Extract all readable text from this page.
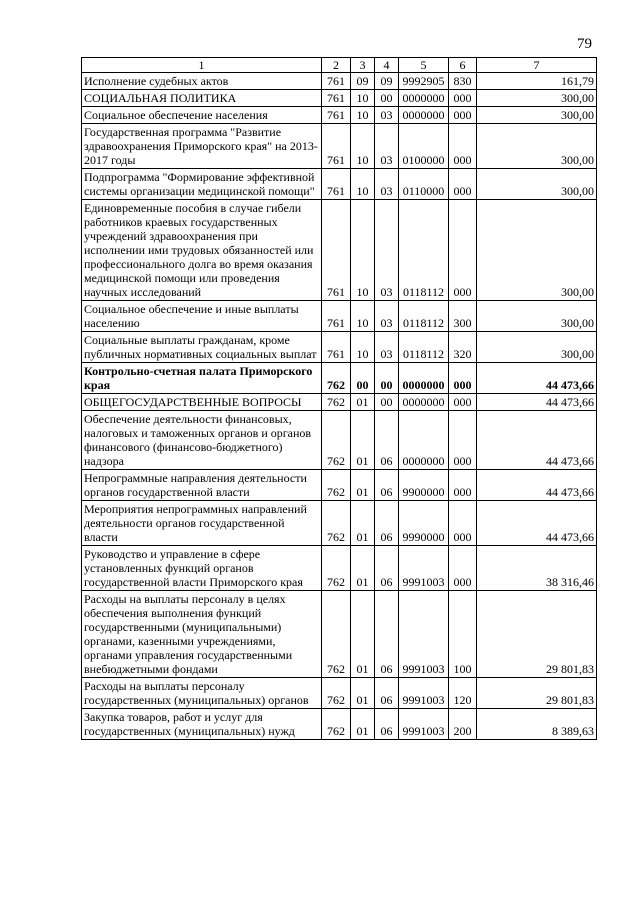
79
1	2	3	4	5	6	7
Исполнение судебных актов	761	09	09	9992905	830	161,79
СОЦИАЛЬНАЯ ПОЛИТИКА	761	10	00	0000000	000	300,00
Социальное обеспечение населения	761	10	03	0000000	000	300,00
Государственная программа "Развитие здравоохранения Приморского края" на 2013-2017 годы	761	10	03	0100000	000	300,00
Подпрограмма "Формирование эффективной системы организации медицинской помощи"	761	10	03	0110000	000	300,00
Единовременные пособия в случае гибели работников краевых государственных учреждений здравоохранения при исполнении ими трудовых обязанностей или профессионального долга во время оказания медицинской помощи или проведения научных исследований	761	10	03	0118112	000	300,00
Социальное обеспечение и иные выплаты населению	761	10	03	0118112	300	300,00
Социальные выплаты гражданам, кроме публичных нормативных социальных выплат	761	10	03	0118112	320	300,00
Контрольно-счетная палата Приморского края	762	00	00	0000000	000	44 473,66
ОБЩЕГОСУДАРСТВЕННЫЕ ВОПРОСЫ	762	01	00	0000000	000	44 473,66
Обеспечение деятельности финансовых, налоговых и таможенных органов и органов финансового (финансово-бюджетного) надзора	762	01	06	0000000	000	44 473,66
Непрограммные направления деятельности органов государственной власти	762	01	06	9900000	000	44 473,66
Мероприятия непрограммных направлений деятельности органов государственной власти	762	01	06	9990000	000	44 473,66
Руководство и управление в сфере установленных функций органов государственной власти Приморского края	762	01	06	9991003	000	38 316,46
Расходы на выплаты персоналу в целях обеспечения выполнения функций государственными (муниципальными) органами, казенными учреждениями, органами управления государственными внебюджетными фондами	762	01	06	9991003	100	29 801,83
Расходы на выплаты персоналу государственных (муниципальных) органов	762	01	06	9991003	120	29 801,83
Закупка товаров, работ и услуг для государственных (муниципальных) нужд	762	01	06	9991003	200	8 389,63
